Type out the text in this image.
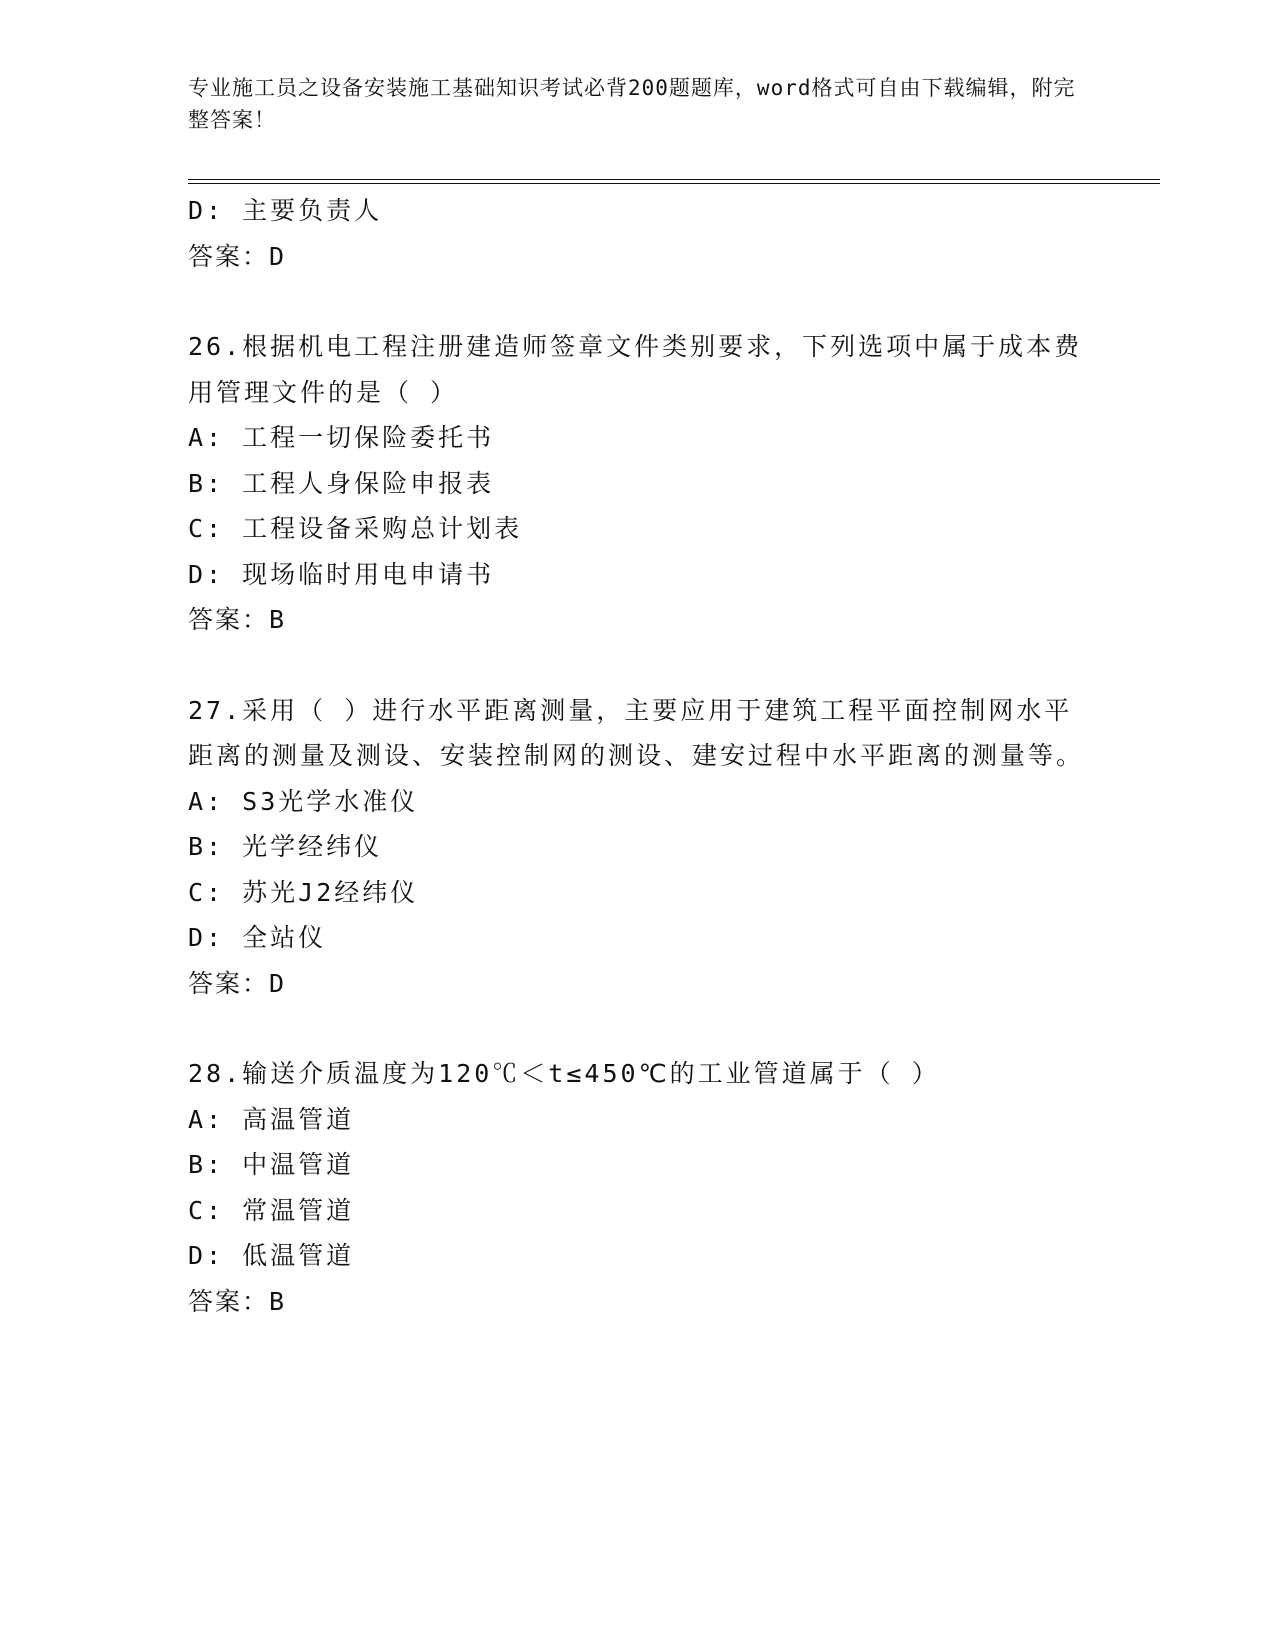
专业施工员之设备安装施工基础知识考试必背200题题库，word格式可自由下载编辑，附完整答案！
D: 主要负责人
答案：D
26.根据机电工程注册建造师签章文件类别要求，下列选项中属于成本费用管理文件的是（ ）
A: 工程一切保险委托书
B: 工程人身保险申报表
C: 工程设备采购总计划表
D: 现场临时用电申请书
答案：B
27.采用（ ）进行水平距离测量，主要应用于建筑工程平面控制网水平距离的测量及测设、安装控制网的测设、建安过程中水平距离的测量等。
A: S3光学水准仪
B: 光学经纬仪
C: 苏光J2经纬仪
D: 全站仪
答案：D
28.输送介质温度为120℃＜t≤450℃的工业管道属于（ ）
A: 高温管道
B: 中温管道
C: 常温管道
D: 低温管道
答案：B
